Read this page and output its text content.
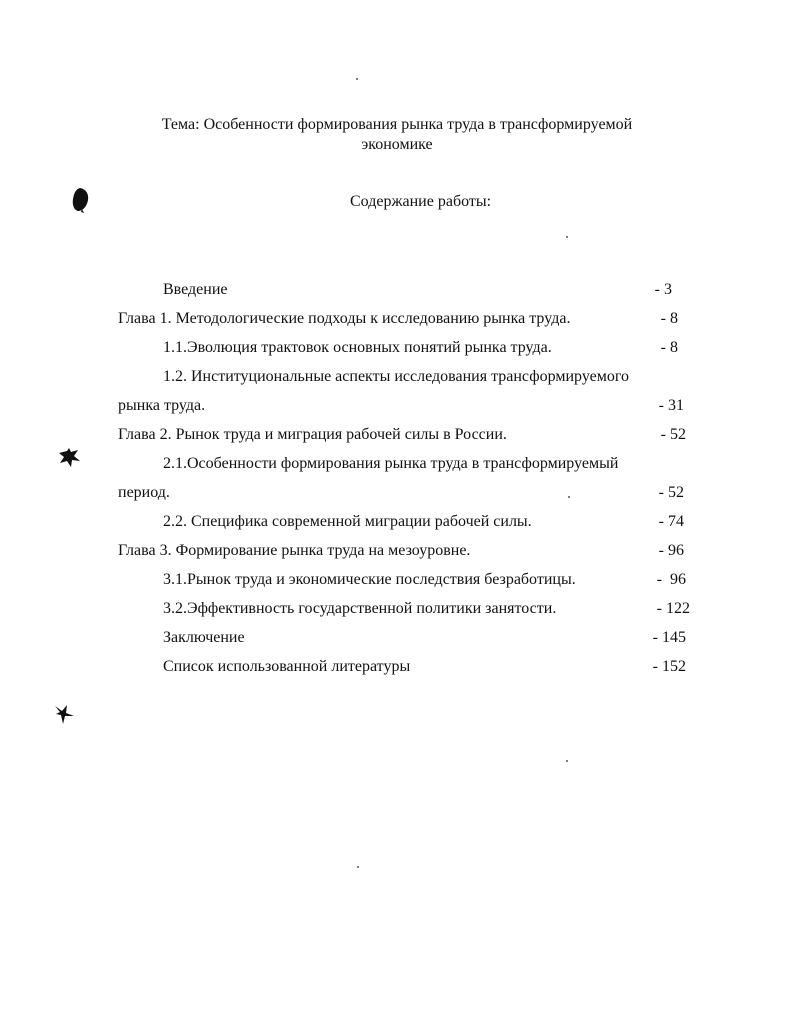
Тема: Особенности формирования рынка труда в трансформируемой
экономике
Содержание работы:
Введение	- 3
Глава 1. Методологические подходы к исследованию рынка труда.	- 8
1.1.Эволюция трактовок основных понятий рынка труда.	- 8
1.2. Институциональные аспекты исследования трансформируемого
рынка труда.	- 31
Глава 2. Рынок труда и миграция рабочей силы в России.	- 52
2.1.Особенности формирования рынка труда в трансформируемый
период.	- 52
2.2. Специфика современной миграции рабочей силы.	- 74
Глава 3. Формирование рынка труда на мезоуровне.	- 96
3.1.Рынок труда и экономические последствия безработицы.	-  96
3.2.Эффективность государственной политики занятости.	- 122
Заключение	- 145
Список использованной литературы	- 152
